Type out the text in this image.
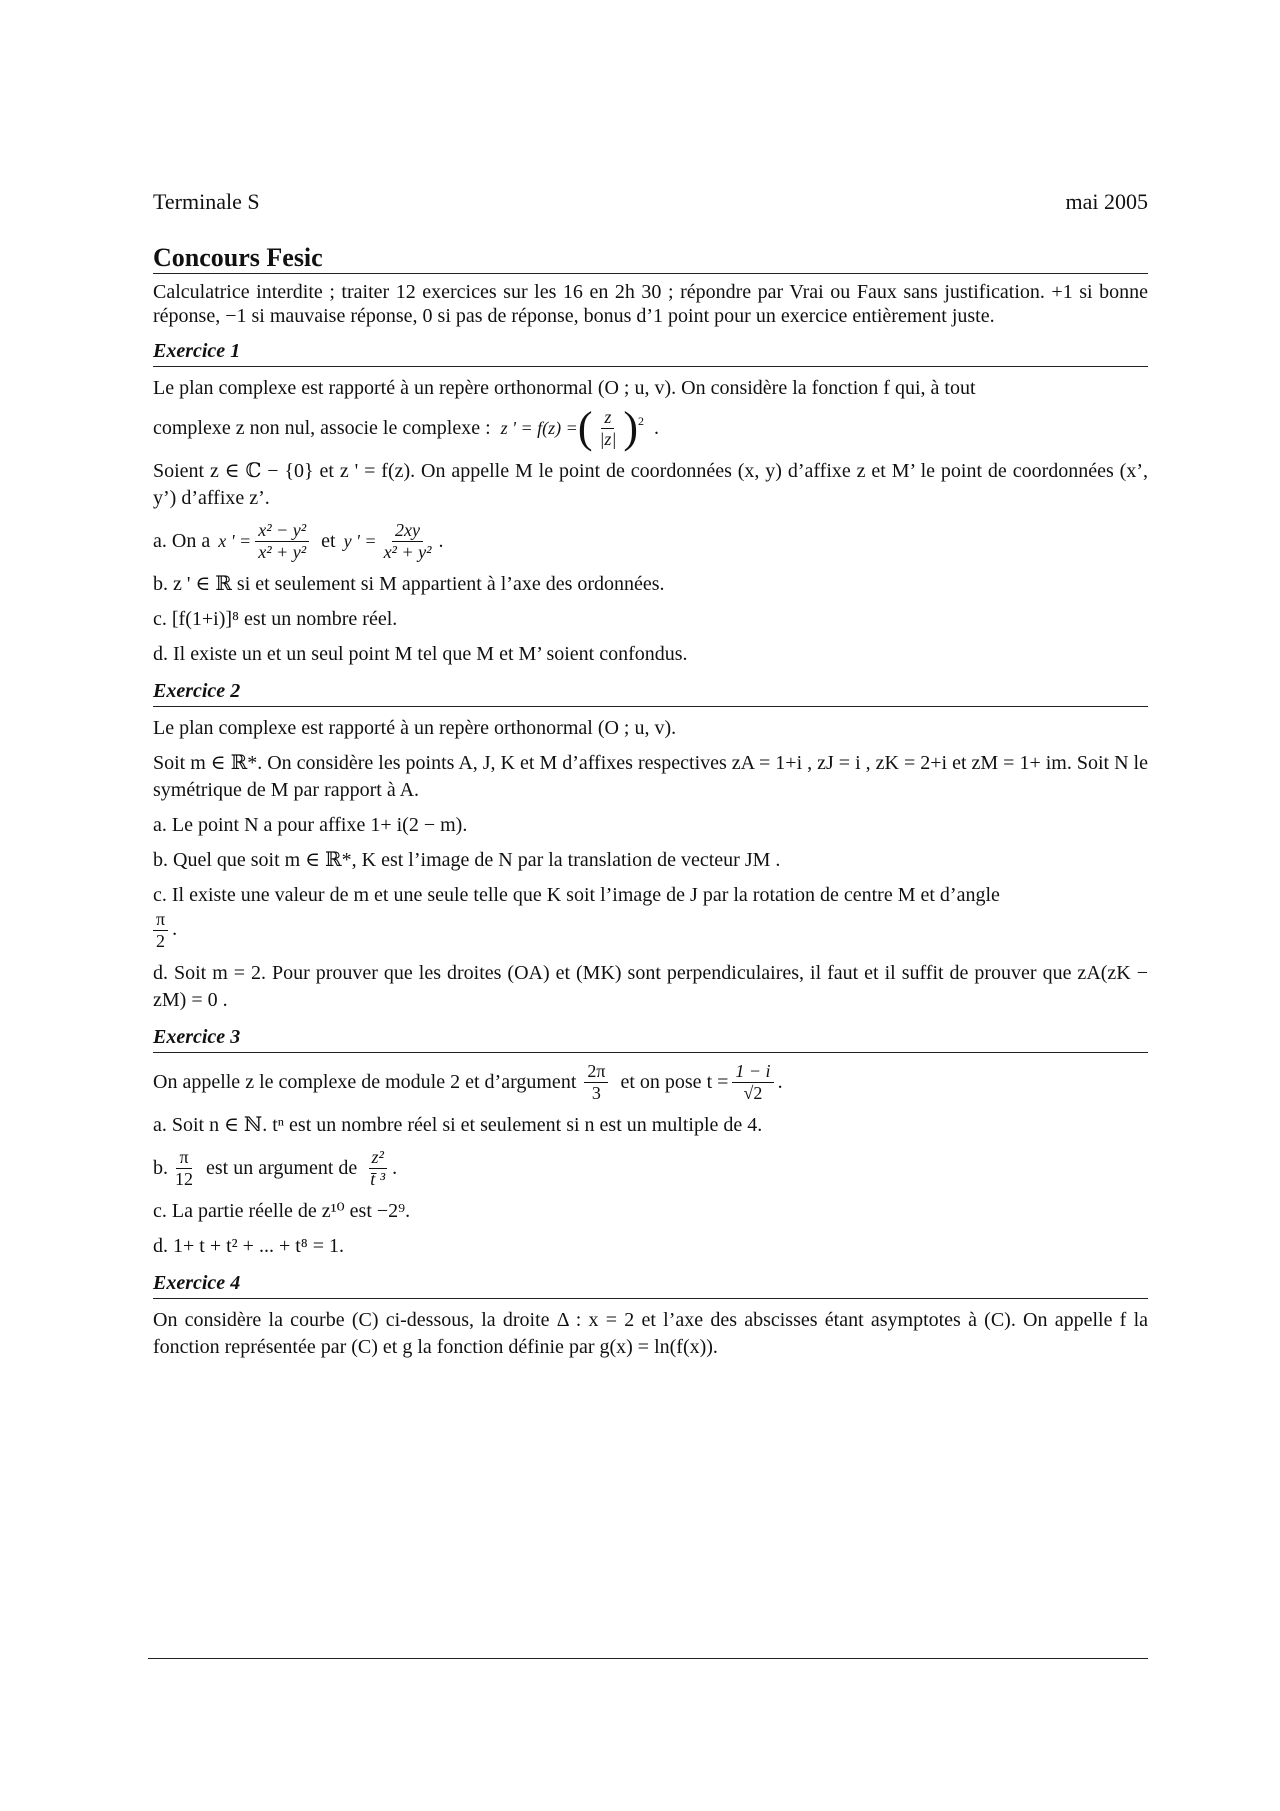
Terminale S	mai 2005
Concours Fesic
Calculatrice interdite ; traiter 12 exercices sur les 16 en 2h 30 ; répondre par Vrai ou Faux sans justification. +1 si bonne réponse, −1 si mauvaise réponse, 0 si pas de réponse, bonus d’1 point pour un exercice entièrement juste.
Exercice 1
Le plan complexe est rapporté à un repère orthonormal (O ; u, v). On considère la fonction f qui, à tout
complexe z non nul, associe le complexe : z ' = f(z) = ( $\frac{z}{|z|} )^2$ .
Soient z ∈ ℂ − {0} et z ' = f(z). On appelle M le point de coordonnées (x, y) d’affixe z et M’ le point de coordonnées (x’, y’) d’affixe z’.
a. On a x ' = $\frac{\text{x² − y²}}{\text{x² + y²}}$ et y ' = $\frac{2xy}{\text{x² + y²}}$ .
b. z ' ∈ ℝ si et seulement si M appartient à l’axe des ordonnées.
c. [f(1+i)]⁸ est un nombre réel.
d. Il existe un et un seul point M tel que M et M’ soient confondus.
Exercice 2
Le plan complexe est rapporté à un repère orthonormal (O ; u, v).
Soit m ∈ ℝ*. On considère les points A, J, K et M d’affixes respectives zA = 1+i , zJ = i , zK = 2+i et zM = 1+ im. Soit N le symétrique de M par rapport à A.
a. Le point N a pour affixe 1+ i(2 − m).
b. Quel que soit m ∈ ℝ*, K est l’image de N par la translation de vecteur JM .
c. Il existe une valeur de m et une seule telle que K soit l’image de J par la rotation de centre M et d’angle
$\frac{\pi}{2}$ .
d. Soit m = 2. Pour prouver que les droites (OA) et (MK) sont perpendiculaires, il faut et il suffit de prouver que zA(zK − zM) = 0 .
Exercice 3
On appelle z le complexe de module 2 et d’argument $\frac{2\pi}{3}$ et on pose $t = \frac{1 - i}{√2}$ .
a. Soit n ∈ ℕ. tⁿ est un nombre réel si et seulement si n est un multiple de 4.
b. $\frac{\pi}{12}$ est un argument de $\frac{\text{z²}}{\text{t̄ ³}}$ .
c. La partie réelle de z¹⁰ est −2⁹.
d. 1+ t + t² + ... + t⁸ = 1.
Exercice 4
On considère la courbe (C) ci-dessous, la droite Δ : x = 2 et l’axe des abscisses étant asymptotes à (C). On appelle f la fonction représentée par (C) et g la fonction définie par g(x) = ln(f(x)).
